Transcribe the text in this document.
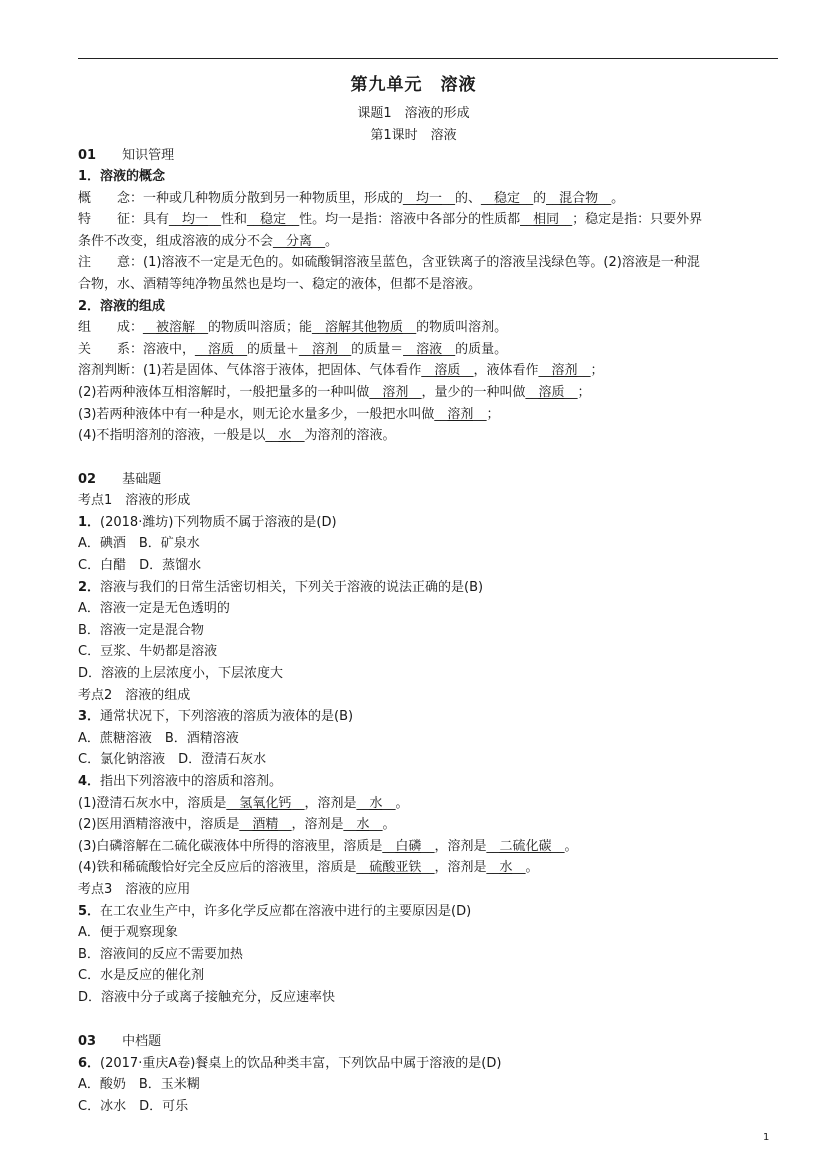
第九单元　溶液
课题1　溶液的形成
第1课时　溶液
01　　 知识管理
1．溶液的概念
概　　念：一种或几种物质分散到另一种物质里，形成的__均一__的、__稳定__的__混合物__。
特　　征：具有__均一__性和__稳定__性。均一是指：溶液中各部分的性质都__相同__；稳定是指：只要外界
条件不改变，组成溶液的成分不会__分离__。
注　　意：(1)溶液不一定是无色的。如硫酸铜溶液呈蓝色，含亚铁离子的溶液呈浅绿色等。(2)溶液是一种混
合物，水、酒精等纯净物虽然也是均一、稳定的液体，但都不是溶液。
2．溶液的组成
组　　成：__被溶解__的物质叫溶质；能__溶解其他物质__的物质叫溶剂。
关　　系：溶液中，__溶质__的质量＋__溶剂__的质量＝__溶液__的质量。
溶剂判断：(1)若是固体、气体溶于液体，把固体、气体看作__溶质__，液体看作__溶剂__；
(2)若两种液体互相溶解时，一般把量多的一种叫做__溶剂__，量少的一种叫做__溶质__；
(3)若两种液体中有一种是水，则无论水量多少，一般把水叫做__溶剂__；
(4)不指明溶剂的溶液，一般是以__水__为溶剂的溶液。
02　　 基础题
考点1　溶液的形成
1．(2018·潍坊)下列物质不属于溶液的是(D)
A．碘酒　B．矿泉水
C．白醋　D．蒸馏水
2．溶液与我们的日常生活密切相关，下列关于溶液的说法正确的是(B)
A．溶液一定是无色透明的
B．溶液一定是混合物
C．豆浆、牛奶都是溶液
D．溶液的上层浓度小，下层浓度大
考点2　溶液的组成
3．通常状况下，下列溶液的溶质为液体的是(B)
A．蔗糖溶液　B．酒精溶液
C．氯化钠溶液　D．澄清石灰水
4．指出下列溶液中的溶质和溶剂。
(1)澄清石灰水中，溶质是__氢氧化钙__，溶剂是__水__。
(2)医用酒精溶液中，溶质是__酒精__，溶剂是__水__。
(3)白磷溶解在二硫化碳液体中所得的溶液里，溶质是__白磷__，溶剂是__二硫化碳__。
(4)铁和稀硫酸恰好完全反应后的溶液里，溶质是__硫酸亚铁__，溶剂是__水__。
考点3　溶液的应用
5．在工农业生产中，许多化学反应都在溶液中进行的主要原因是(D)
A．便于观察现象
B．溶液间的反应不需要加热
C．水是反应的催化剂
D．溶液中分子或离子接触充分，反应速率快
03　　 中档题
6．(2017·重庆A卷)餐桌上的饮品种类丰富，下列饮品中属于溶液的是(D)
A．酸奶　B．玉米糊
C．冰水　D．可乐
1
